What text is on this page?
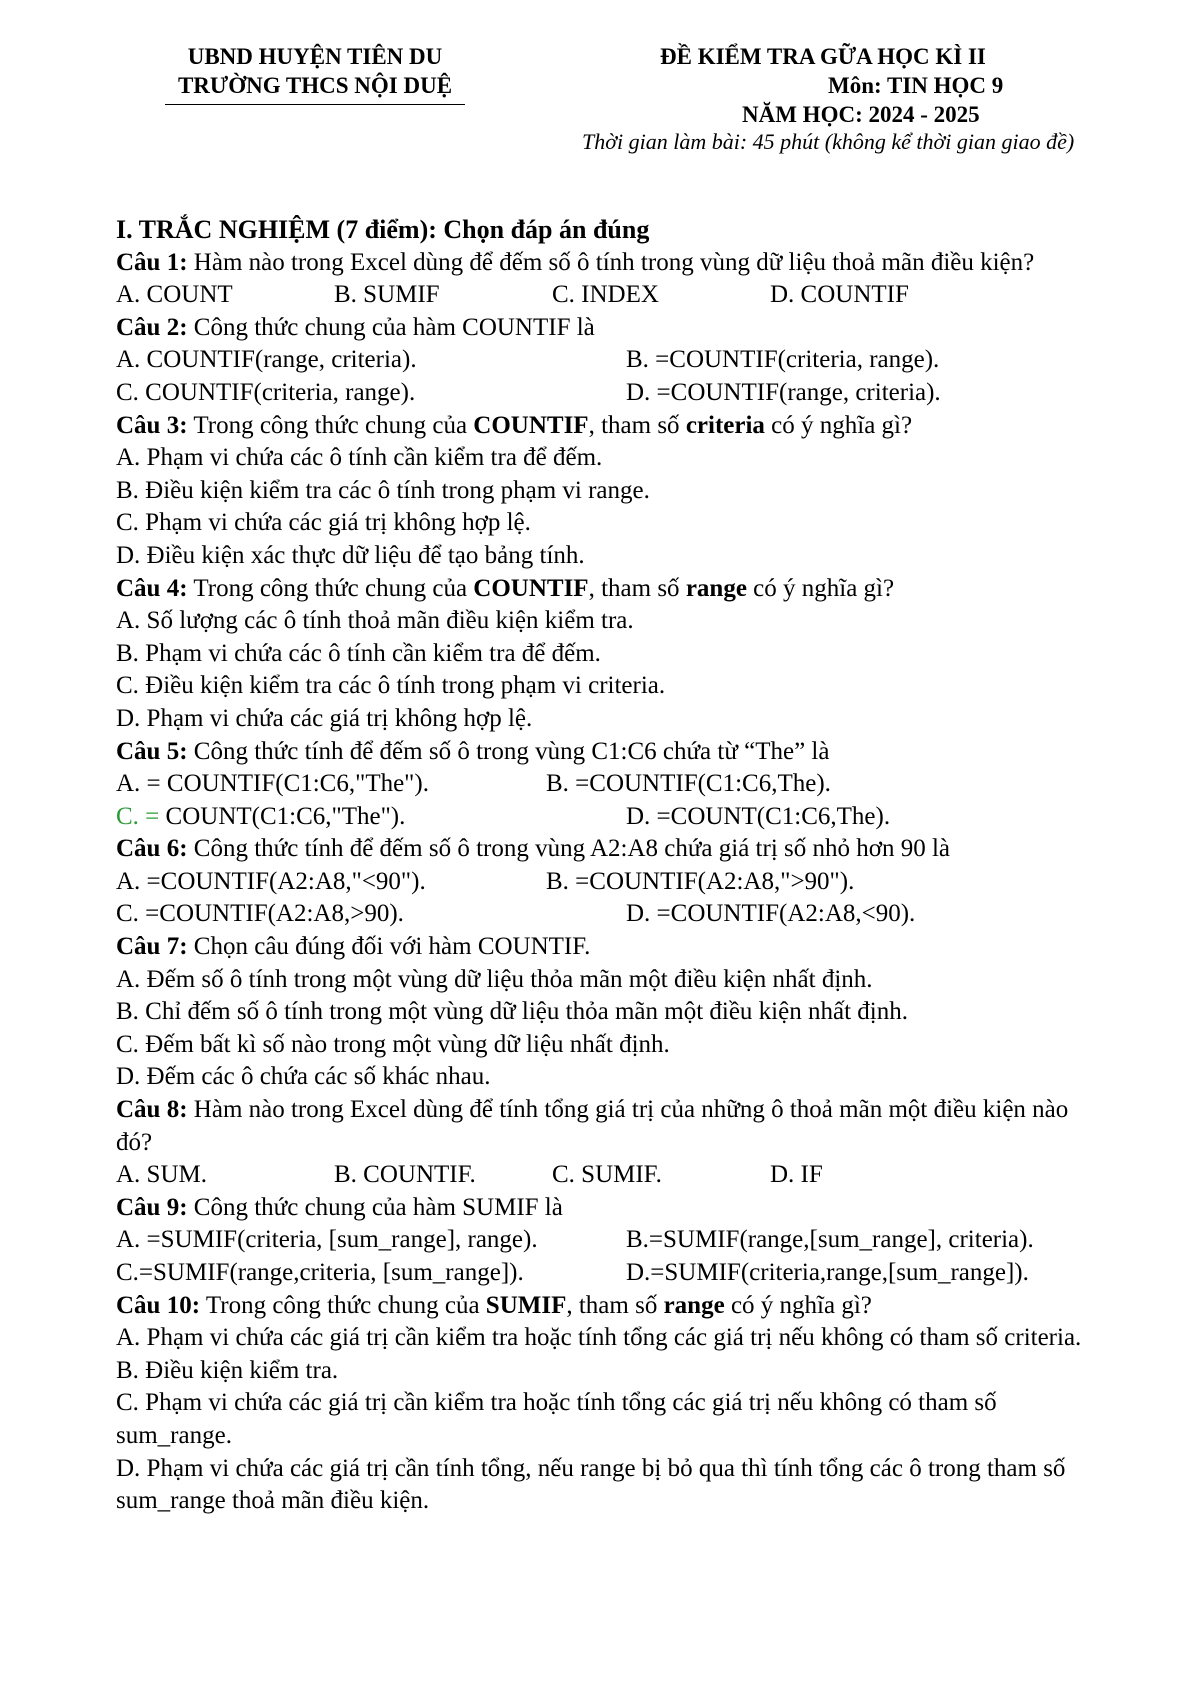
UBND HUYỆN TIÊN DU
TRƯỜNG THCS NỘI DUỆ
ĐỀ KIỂM TRA GỮA HỌC KÌ II
Môn: TIN HỌC 9
NĂM HỌC: 2024 - 2025
Thời gian làm bài: 45 phút (không kể thời gian giao đề)
I. TRẮC NGHIỆM (7 điểm): Chọn đáp án đúng
Câu 1: Hàm nào trong Excel dùng để đếm số ô tính trong vùng dữ liệu thoả mãn điều kiện?
A. COUNT	B. SUMIF	C. INDEX	D. COUNTIF
Câu 2: Công thức chung của hàm COUNTIF là
A. COUNTIF(range, criteria).	B. =COUNTIF(criteria, range).
C. COUNTIF(criteria, range).	D. =COUNTIF(range, criteria).
Câu 3: Trong công thức chung của COUNTIF, tham số criteria có ý nghĩa gì?
A. Phạm vi chứa các ô tính cần kiểm tra để đếm.
B. Điều kiện kiểm tra các ô tính trong phạm vi range.
C. Phạm vi chứa các giá trị không hợp lệ.
D. Điều kiện xác thực dữ liệu để tạo bảng tính.
Câu 4: Trong công thức chung của COUNTIF, tham số range có ý nghĩa gì?
A. Số lượng các ô tính thoả mãn điều kiện kiểm tra.
B. Phạm vi chứa các ô tính cần kiểm tra để đếm.
C. Điều kiện kiểm tra các ô tính trong phạm vi criteria.
D. Phạm vi chứa các giá trị không hợp lệ.
Câu 5: Công thức tính để đếm số ô trong vùng C1:C6 chứa từ “The” là
A. = COUNTIF(C1:C6,"The").	B. =COUNTIF(C1:C6,The).
C. = COUNT(C1:C6,"The").	D. =COUNT(C1:C6,The).
Câu 6: Công thức tính để đếm số ô trong vùng A2:A8 chứa giá trị số nhỏ hơn 90 là
A. =COUNTIF(A2:A8,"<90").	B. =COUNTIF(A2:A8,">90").
C. =COUNTIF(A2:A8,>90).	D. =COUNTIF(A2:A8,<90).
Câu 7: Chọn câu đúng đối với hàm COUNTIF.
A. Đếm số ô tính trong một vùng dữ liệu thỏa mãn một điều kiện nhất định.
B. Chỉ đếm số ô tính trong một vùng dữ liệu thỏa mãn một điều kiện nhất định.
C. Đếm bất kì số nào trong một vùng dữ liệu nhất định.
D. Đếm các ô chứa các số khác nhau.
Câu 8: Hàm nào trong Excel dùng để tính tổng giá trị của những ô thoả mãn một điều kiện nào đó?
A. SUM.	B. COUNTIF.	C. SUMIF.	D. IF
Câu 9: Công thức chung của hàm SUMIF là
A. =SUMIF(criteria, [sum_range], range).	B.=SUMIF(range,[sum_range], criteria).
C.=SUMIF(range,criteria, [sum_range]).	D.=SUMIF(criteria,range,[sum_range]).
Câu 10: Trong công thức chung của SUMIF, tham số range có ý nghĩa gì?
A. Phạm vi chứa các giá trị cần kiểm tra hoặc tính tổng các giá trị nếu không có tham số criteria.
B. Điều kiện kiểm tra.
C. Phạm vi chứa các giá trị cần kiểm tra hoặc tính tổng các giá trị nếu không có tham số sum_range.
D. Phạm vi chứa các giá trị cần tính tổng, nếu range bị bỏ qua thì tính tổng các ô trong tham số sum_range thoả mãn điều kiện.
